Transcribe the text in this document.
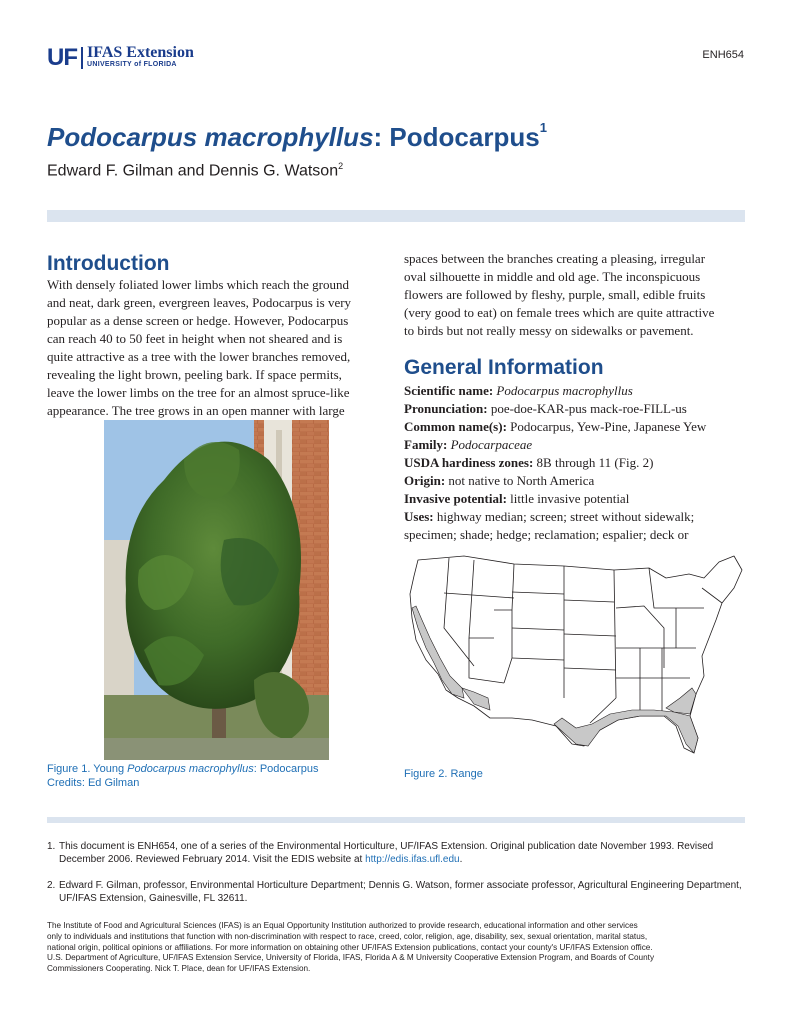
UF IFAS Extension
UNIVERSITY of FLORIDA
ENH654
Podocarpus macrophyllus: Podocarpus$^1$
Edward F. Gilman and Dennis G. Watson$^2$
Introduction
With densely foliated lower limbs which reach the ground
and neat, dark green, evergreen leaves, Podocarpus is very
popular as a dense screen or hedge. However, Podocarpus
can reach 40 to 50 feet in height when not sheared and is
quite attractive as a tree with the lower branches removed,
revealing the light brown, peeling bark. If space permits,
leave the lower limbs on the tree for an almost spruce-like
appearance. The tree grows in an open manner with large
spaces between the branches creating a pleasing, irregular
oval silhouette in middle and old age. The inconspicuous
flowers are followed by fleshy, purple, small, edible fruits
(very good to eat) on female trees which are quite attractive
to birds but not really messy on sidewalks or pavement.
General Information
Scientific name: Podocarpus macrophyllus
Pronunciation: poe-doe-KAR-pus mack-roe-FILL-us
Common name(s): Podocarpus, Yew-Pine, Japanese Yew
Family: Podocarpaceae
USDA hardiness zones: 8B through 11 (Fig. 2)
Origin: not native to North America
Invasive potential: little invasive potential
Uses: highway median; screen; street without sidewalk;
specimen; shade; hedge; reclamation; espalier; deck or
Figure 1. Young Podocarpus macrophyllus: Podocarpus
Credits: Ed Gilman
Figure 2. Range
1. This document is ENH654, one of a series of the Environmental Horticulture, UF/IFAS Extension. Original publication date November 1993. Revised December 2006. Reviewed February 2014. Visit the EDIS website at http://edis.ifas.ufl.edu.
2. Edward F. Gilman, professor, Environmental Horticulture Department; Dennis G. Watson, former associate professor, Agricultural Engineering Department, UF/IFAS Extension, Gainesville, FL 32611.
The Institute of Food and Agricultural Sciences (IFAS) is an Equal Opportunity Institution authorized to provide research, educational information and other services
only to individuals and institutions that function with non-discrimination with respect to race, creed, color, religion, age, disability, sex, sexual orientation, marital status,
national origin, political opinions or affiliations. For more information on obtaining other UF/IFAS Extension publications, contact your county's UF/IFAS Extension office.
U.S. Department of Agriculture, UF/IFAS Extension Service, University of Florida, IFAS, Florida A & M University Cooperative Extension Program, and Boards of County
Commissioners Cooperating. Nick T. Place, dean for UF/IFAS Extension.
